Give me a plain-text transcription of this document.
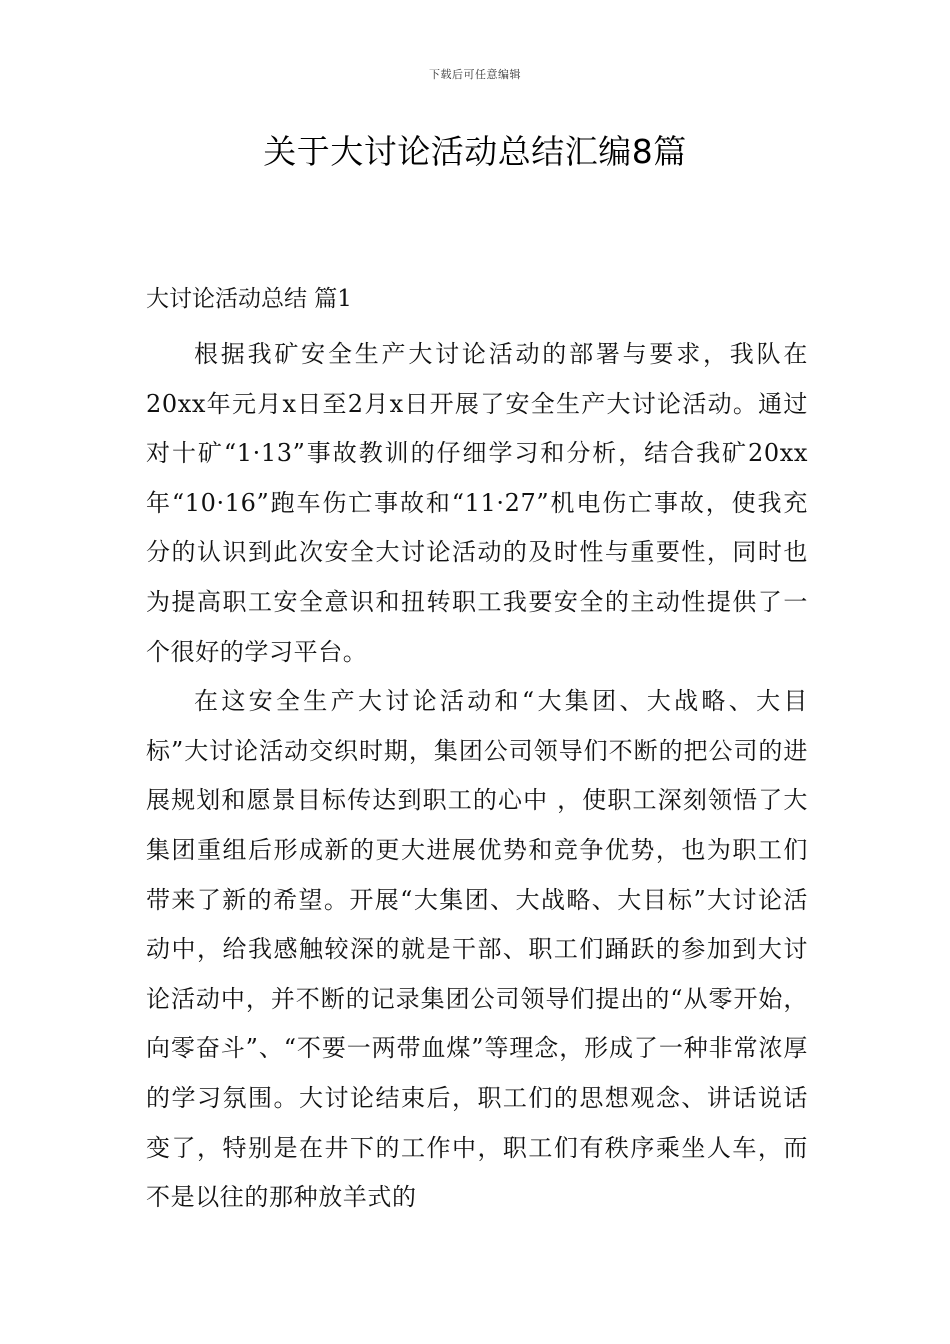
下载后可任意编辑
关于大讨论活动总结汇编8篇
大讨论活动总结 篇1

根据我矿安全生产大讨论活动的部署与要求，我队在20xx年元月x日至2月x日开展了安全生产大讨论活动。通过对十矿“1·13”事故教训的仔细学习和分析，结合我矿20xx年“10·16”跑车伤亡事故和“11·27”机电伤亡事故，使我充分的认识到此次安全大讨论活动的及时性与重要性，同时也为提高职工安全意识和扭转职工我要安全的主动性提供了一个很好的学习平台。

在这安全生产大讨论活动和“大集团、大战略、大目标”大讨论活动交织时期，集团公司领导们不断的把公司的进展规划和愿景目标传达到职工的心中 ，使职工深刻领悟了大集团重组后形成新的更大进展优势和竞争优势，也为职工们带来了新的希望。开展“大集团、大战略、大目标”大讨论活动中，给我感触较深的就是干部、职工们踊跃的参加到大讨论活动中，并不断的记录集团公司领导们提出的“从零开始，向零奋斗”、“不要一两带血煤”等理念，形成了一种非常浓厚的学习氛围。大讨论结束后，职工们的思想观念、讲话说话变了，特别是在井下的工作中，职工们有秩序乘坐人车，而不是以往的那种放羊式的
